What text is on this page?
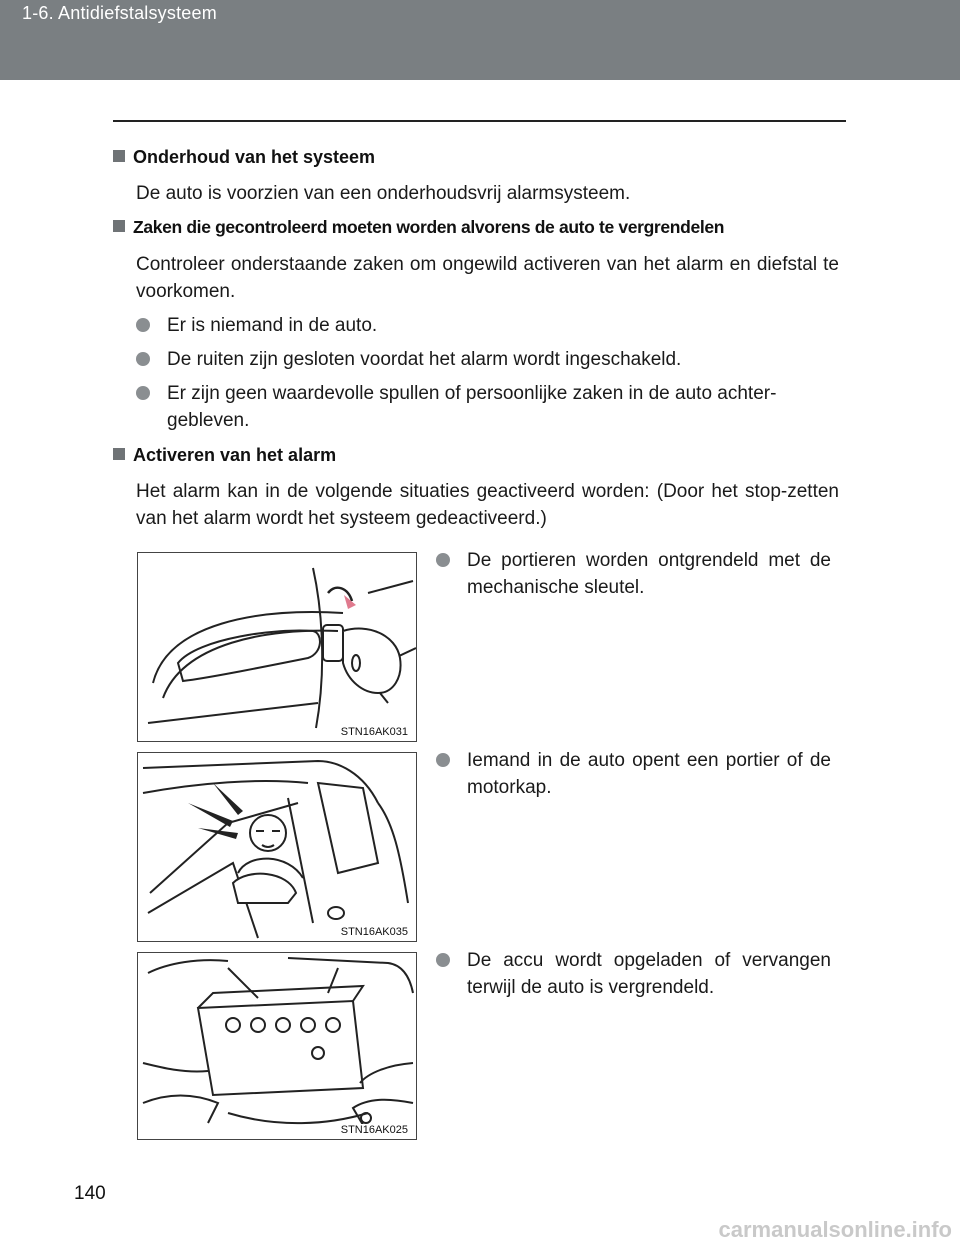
1-6. Antidiefstalsysteem
Onderhoud van het systeem
De auto is voorzien van een onderhoudsvrij alarmsysteem.
Zaken die gecontroleerd moeten worden alvorens de auto te vergrendelen
Controleer onderstaande zaken om ongewild activeren van het alarm en diefstal te voorkomen.
Er is niemand in de auto.
De ruiten zijn gesloten voordat het alarm wordt ingeschakeld.
Er zijn geen waardevolle spullen of persoonlijke zaken in de auto achter-gebleven.
Activeren van het alarm
Het alarm kan in de volgende situaties geactiveerd worden: (Door het stop-zetten van het alarm wordt het systeem gedeactiveerd.)
STN16AK031
De portieren worden ontgrendeld met de mechanische sleutel.
STN16AK035
Iemand in de auto opent een portier of de motorkap.
STN16AK025
De accu wordt opgeladen of vervangen terwijl de auto is vergrendeld.
140
carmanualsonline.info
